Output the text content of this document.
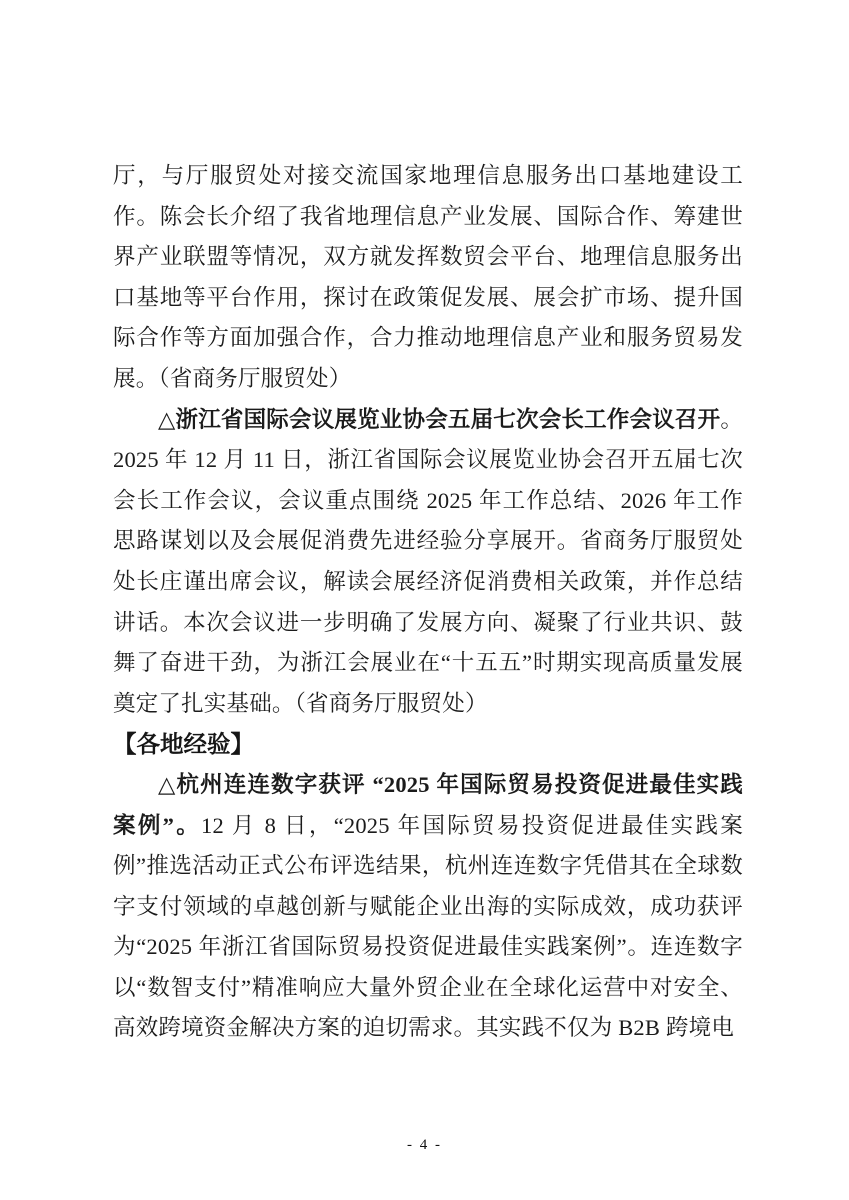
厅，与厅服贸处对接交流国家地理信息服务出口基地建设工作。陈会长介绍了我省地理信息产业发展、国际合作、筹建世界产业联盟等情况，双方就发挥数贸会平台、地理信息服务出口基地等平台作用，探讨在政策促发展、展会扩市场、提升国际合作等方面加强合作，合力推动地理信息产业和服务贸易发展。（省商务厅服贸处）

△浙江省国际会议展览业协会五届七次会长工作会议召开。2025 年 12 月 11 日，浙江省国际会议展览业协会召开五届七次会长工作会议，会议重点围绕 2025 年工作总结、2026 年工作思路谋划以及会展促消费先进经验分享展开。省商务厅服贸处处长庄谨出席会议，解读会展经济促消费相关政策，并作总结讲话。本次会议进一步明确了发展方向、凝聚了行业共识、鼓舞了奋进干劲，为浙江会展业在“十五五”时期实现高质量发展奠定了扎实基础。（省商务厅服贸处）

【各地经验】

△杭州连连数字获评 “2025 年国际贸易投资促进最佳实践案例”。12 月 8 日，“2025 年国际贸易投资促进最佳实践案例”推选活动正式公布评选结果，杭州连连数字凭借其在全球数字支付领域的卓越创新与赋能企业出海的实际成效，成功获评为“2025 年浙江省国际贸易投资促进最佳实践案例”。连连数字以“数智支付”精准响应大量外贸企业在全球化运营中对安全、高效跨境资金解决方案的迫切需求。其实践不仅为 B2B 跨境电

- 4 -
